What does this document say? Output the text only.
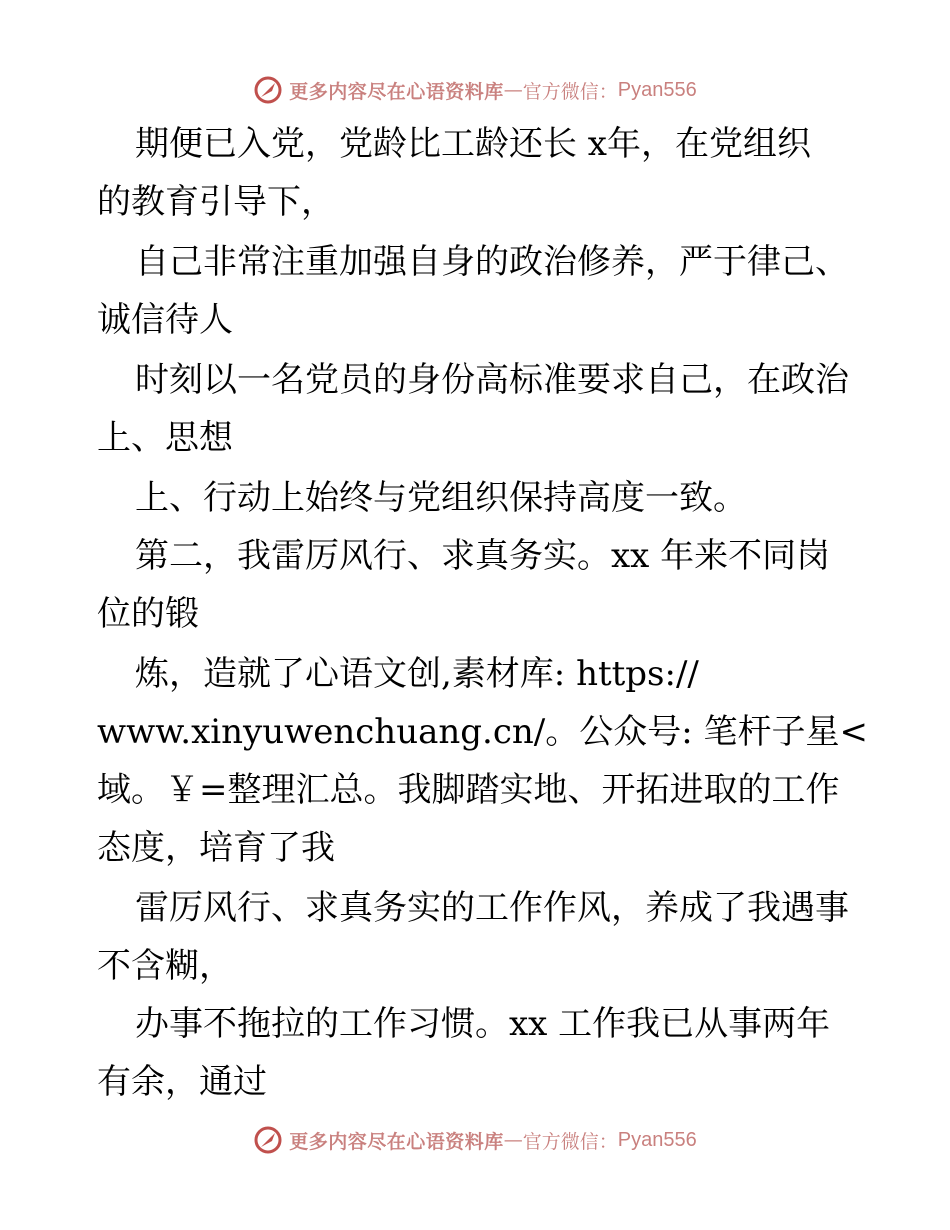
更多内容尽在心语资料库 — 官方微信： Pyan556
期便已入党，党龄比工龄还长 x年，在党组织
的教育引导下，
自己非常注重加强自身的政治修养，严于律己、
诚信待人
时刻以一名党员的身份高标准要求自己，在政治
上、思想
上、行动上始终与党组织保持高度一致。
第二，我雷厉风行、求真务实。xx 年来不同岗
位的锻
炼，造就了心语文创,素材库: https://
www.xinyuwenchuang.cn/。公众号: 笔杆子星<
域。￥=整理汇总。我脚踏实地、开拓进取的工作
态度，培育了我
雷厉风行、求真务实的工作作风，养成了我遇事
不含糊，
办事不拖拉的工作习惯。xx 工作我已从事两年
有余，通过
更多内容尽在心语资料库 — 官方微信： Pyan556
